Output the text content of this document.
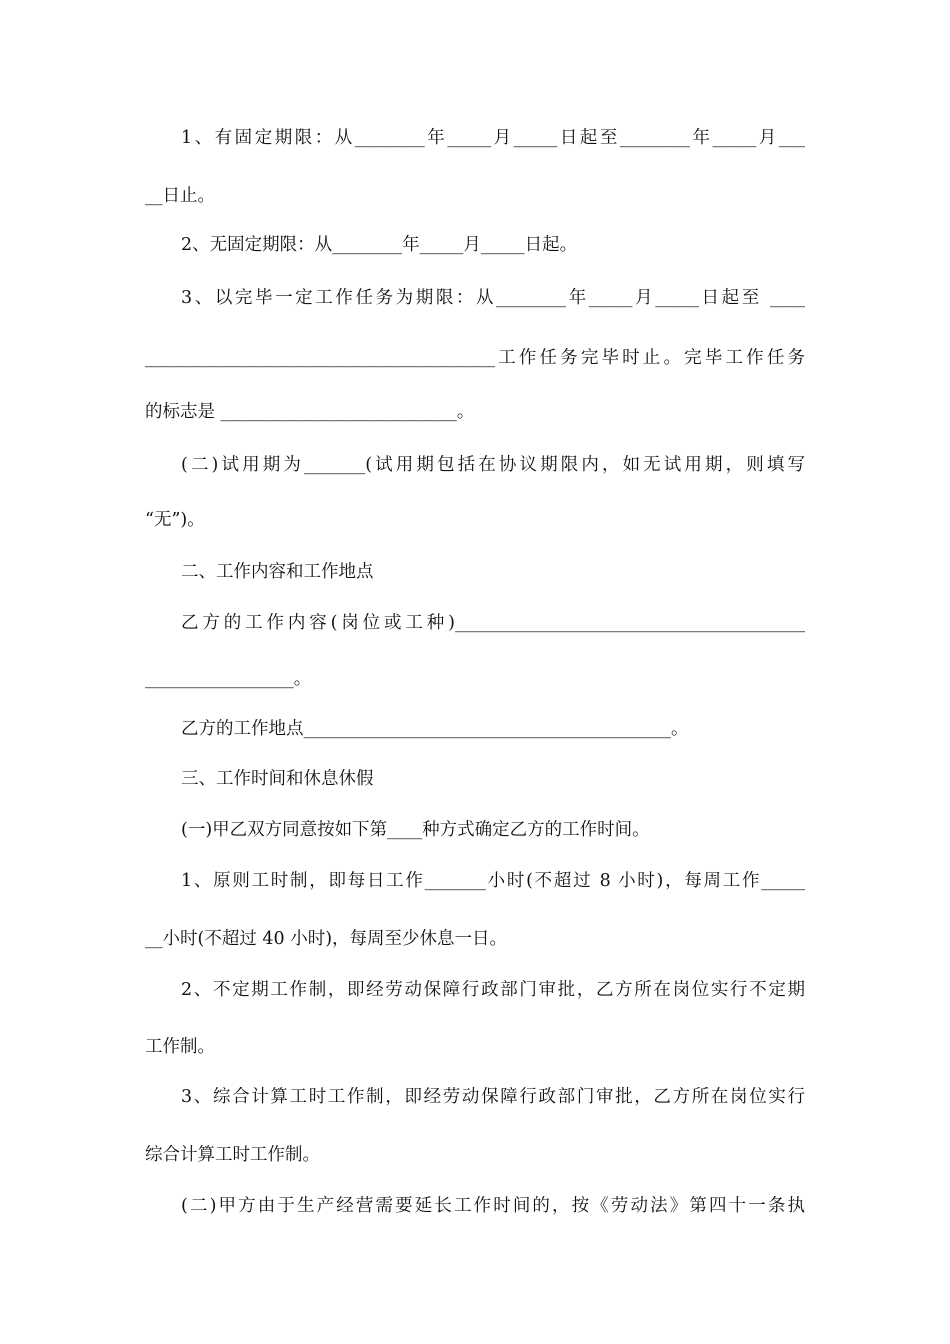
1、有固定期限：从________年_____月_____日起至________年_____月___
__日止。
2、无固定期限：从________年_____月_____日起。
3、以完毕一定工作任务为期限：从________年_____月_____日起至 ____
________________________________________工作任务完毕时止。完毕工作任务
的标志是 ___________________________。
(二)试用期为_______(试用期包括在协议期限内，如无试用期，则填写
“无”)。
二、工作内容和工作地点
乙方的工作内容(岗位或工种)________________________________________
_________________。
乙方的工作地点__________________________________________。
三、工作时间和休息休假
(一)甲乙双方同意按如下第____种方式确定乙方的工作时间。
1、原则工时制，即每日工作_______小时(不超过 8 小时)，每周工作_____
__小时(不超过 40 小时)，每周至少休息一日。
2、不定期工作制，即经劳动保障行政部门审批，乙方所在岗位实行不定期
工作制。
3、综合计算工时工作制，即经劳动保障行政部门审批，乙方所在岗位实行
综合计算工时工作制。
(二)甲方由于生产经营需要延长工作时间的，按《劳动法》第四十一条执
